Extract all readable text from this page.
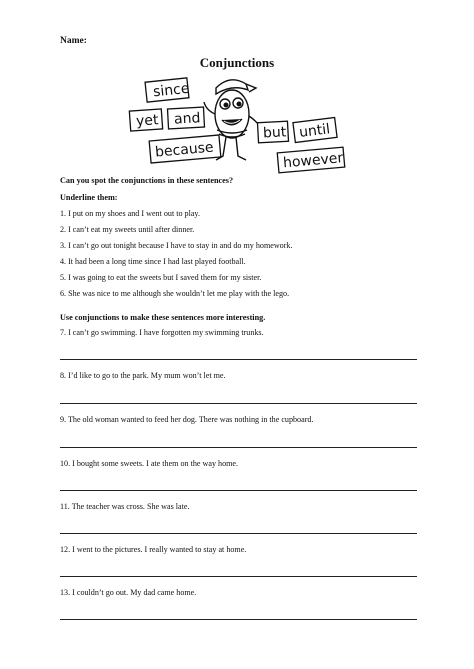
Name:
Conjunctions
since
yet and
because
but until
however
Can you spot the conjunctions in these sentences?
Underline them:
1. I put on my shoes and I went out to play.
2. I can’t eat my sweets until after dinner.
3. I can’t go out tonight because I have to stay in and do my homework.
4. It had been a long time since I had last played football.
5. I was going to eat the sweets but I saved them for my sister.
6. She was nice to me although she wouldn’t let me play with the lego.
Use conjunctions to make these sentences more interesting.
7. I can’t go swimming. I have forgotten my swimming trunks.
8. I’d like to go to the park. My mum won’t let me.
9. The old woman wanted to feed her dog. There was nothing in the cupboard.
10. I bought some sweets. I ate them on the way home.
11. The teacher was cross. She was late.
12. I went to the pictures. I really wanted to stay at home.
13. I couldn’t go out. My dad came home.
